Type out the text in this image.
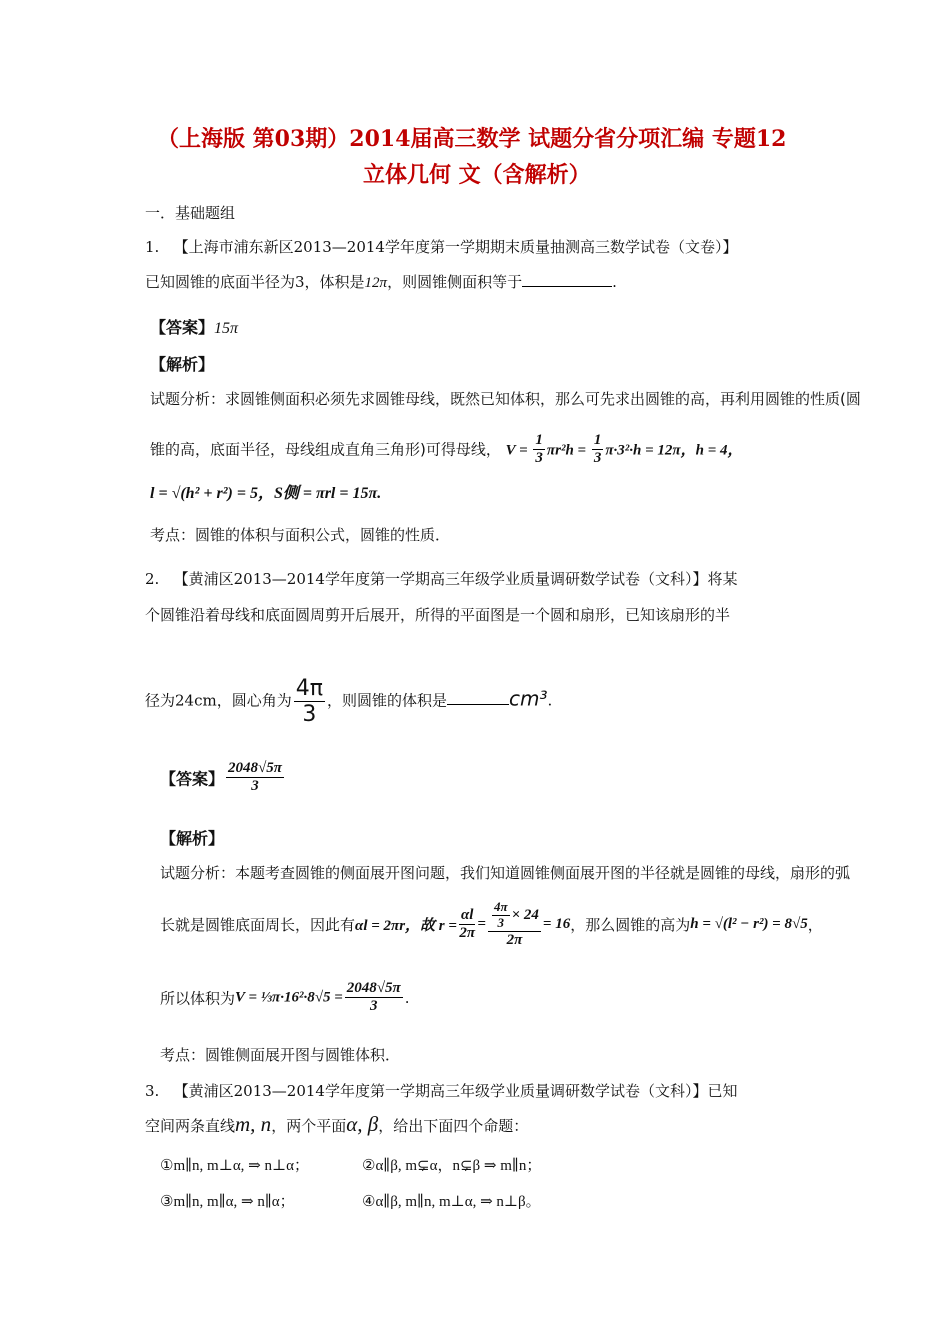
（上海版 第03期）2014届高三数学 试题分省分项汇编 专题12
立体几何 文（含解析）
一．基础题组
1. 【上海市浦东新区2013—2014学年度第一学期期末质量抽测高三数学试卷（文卷）】
已知圆锥的底面半径为3，体积是12π，则圆锥侧面积等于	.
【答案】15π
【解析】
试题分析：求圆锥侧面积必须先求圆锥母线，既然已知体积，那么可先求出圆锥的高，再利用圆锥的性质(圆
锥的高，底面半径，母线组成直角三角形)可得母线， $V = \frac{1}{3} \pi r^2h = \frac{1}{3} \pi\cdot 3^2\cdot h = 12\pi$，h = 4，
l = √(h² + r²) = 5，S侧 = πrl = 15π.
考点：圆锥的体积与面积公式，圆锥的性质．
2. 【黄浦区2013—2014学年度第一学期高三年级学业质量调研数学试卷（文科）】将某
个圆锥沿着母线和底面圆周剪开后展开，所得的平面图是一个圆和扇形，已知该扇形的半
径为24cm，圆心角为 $\frac{4\pi}{3}$ ，则圆锥的体积是	cm³.
【答案】 $\frac{2048√5\pi}{3}$
【解析】
试题分析：本题考查圆锥的侧面展开图问题，我们知道圆锥侧面展开图的半径就是圆锥的母线，扇形的弧
长就是圆锥底面周长，因此有αl = 2πr，故 $r = \frac{\alpha l}{2\pi} = \frac{\frac{4\pi}{3} \times 24}{2\pi} = 16$，那么圆锥的高为h = √(l² − r²) = 8√5，
所以体积为V = ⅓π·16²·8√5 = $\frac{2048√5\pi}{3}$ .
考点：圆锥侧面展开图与圆锥体积．
3. 【黄浦区2013—2014学年度第一学期高三年级学业质量调研数学试卷（文科）】已知
空间两条直线m, n，两个平面α, β，给出下面四个命题：
①m∥n, m⊥α, ⇒ n⊥α；	②α∥β, m⊊α，n⊊β ⇒ m∥n；
③m∥n, m∥α, ⇒ n∥α；	④α∥β, m∥n, m⊥α, ⇒ n⊥β。
